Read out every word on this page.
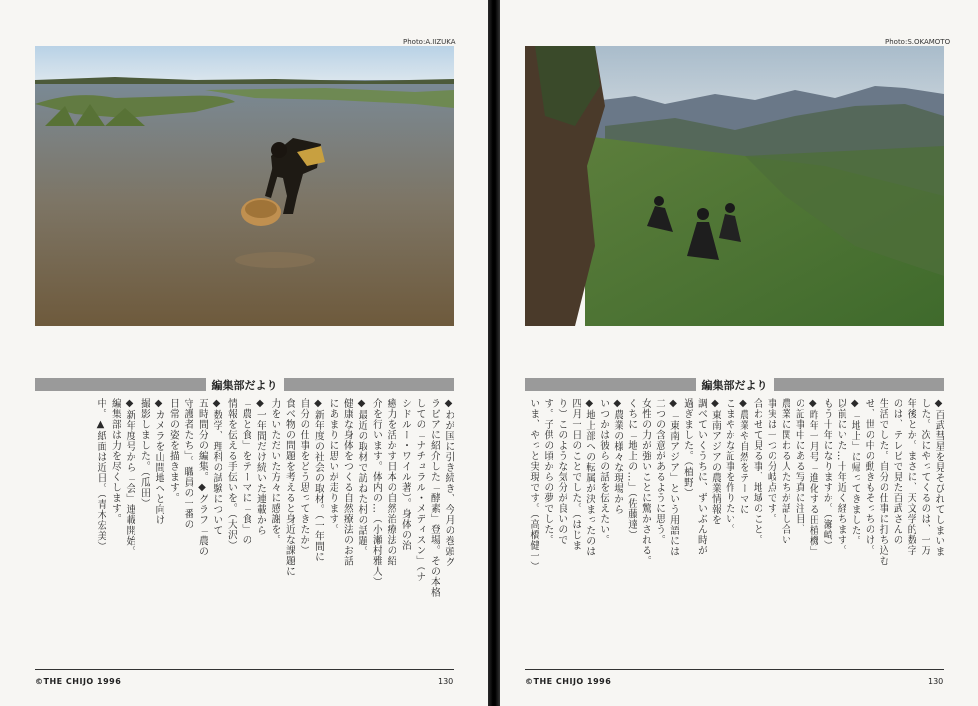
Photo:A.IIZUKA
編集部だより
◆わが国に引き続き、今月の巻頭グ
ラビアに紹介した「酵素」登場。その本格
しての「ナチュラル・メディスン」（ナ
シドルー・ワイル著）。身体の治
癒力を活かす日本の自然治療法の紹
介を行います。体内の…（小瀬村雅人）
◆最近の取材で訪ねた村の話題。
健康な身体をつくる自然療法のお話
にあまりに思いが走ります。
◆新年度の社会の取材。（一年間に
自分の仕事をどう思ってきたか）
食べ物の問題を考えると身近な課題に
力をいただいた方々に感謝を。
◆一年間だけ続いた連載から
「農と食」をテーマに「食」の
情報を伝える手伝いを。（大沢）
◆数学、理科の試験について
五時間分の編集。◆グラフ「農の
守護者たち」。職員の一番の
日常の姿を描きます。
◆カメラを山間地へと向け
撮影しました。（瓜田）
◆新年度号から「会」連載開始。
編集部は力を尽くします。
中。▲紙面は近日。（青木宏美）
©THE CHIJO 1996	130
Photo:S.OKAMOTO
編集部だより
◆百武彗星を見そびれてしまいま
した。次にやってくるのは、一万
年後とか。まさに、天文学的数字
のは、テレビで見た百武さんの
生活でした。自分の仕事に打ち込む
せ、世の中の動きもそっちのけ。
◆「地上」に帰ってきました。
以前にいた…十年近く経ちます。
もう十年になりますか。（瀬崎）
◆昨年一月号「進化する田植機」
の記事中にある写真に注目、
農業に関わる人たちが話し合い
事実は一つの分岐点です。
合わせて見る事、地域のこと。
◆農業や自然をテーマに
こまやかな記事を作りたい。
◆東南アジアの農業情報を
調べていくうちに、ずいぶん時が
過ぎました。（植野）
◆「東南アジア」という用語には
二つの含意があるように思う。
女性の力が強いことに驚かされる。
くちに「地上の…」（佐藤達）
◆農業の様々な現場から
いつかは彼らの話を伝えたい。
◆地上部への転属が決まったのは
四月一日のことでした。（はじま
り）このような気分が良いので
す。子供の頃からの夢でした。
いま、やっと実現です。（高橋健一）
©THE CHIJO 1996	130
